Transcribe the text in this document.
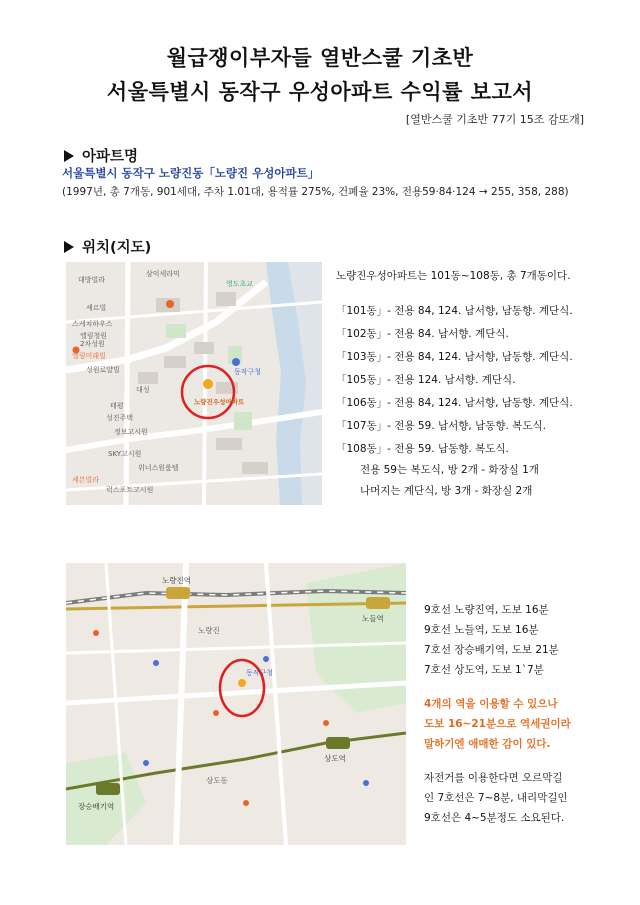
월급쟁이부자들 열반스쿨 기초반
서울특별시 동작구 우성아파트 수익률 보고서
[열반스쿨 기초반 77기 15조 감또개]
아파트명
서울특별시 동작구 노량진동「노량진 우성아파트」
(1997년, 총 7개동, 901세대, 주차 1.01대, 용적률 275%, 건폐율 23%, 전용59·84·124 → 255, 358, 288)
위치(지도)
대방빌라
삼익세라믹
셰르빌
스케치하우스
엘림청원
2차성원
엘림미래빌
성원로얄빌
영도초교
대성
태평
성진주택
정보고시원
SKY고시원
위너스원룸텔
럭스포트고시원
노량진우성아파트
동작구청
세븐빌라
노량진우성아파트는 101동~108동, 총 7개동이다.
「101동」- 전용 84, 124. 남서향, 남동향. 계단식.
「102동」- 전용 84. 남서향. 계단식.
「103동」- 전용 84, 124. 남서향, 남동향. 계단식.
「105동」- 전용 124. 남서향. 계단식.
「106동」- 전용 84, 124. 남서향, 남동향. 계단식.
「107동」- 전용 59. 남서향, 남동향. 복도식.
「108동」- 전용 59. 남동향. 복도식.
전용 59는 복도식, 방 2개 - 화장실 1개
나머지는 계단식, 방 3개 - 화장실 2개
노량진역
노들역
장승배기역
상도역
노량진
동작구청
상도동
9호선 노량진역, 도보 16분
9호선 노들역, 도보 16분
7호선 장승배기역, 도보 21분
7호선 상도역, 도보 1`7분
4개의 역을 이용할 수 있으나
도보 16~21분으로 역세권이라
말하기엔 애매한 감이 있다.
자전거를 이용한다면 오르막길
인 7호선은 7~8분, 내리막길인
9호선은 4~5분정도 소요된다.
